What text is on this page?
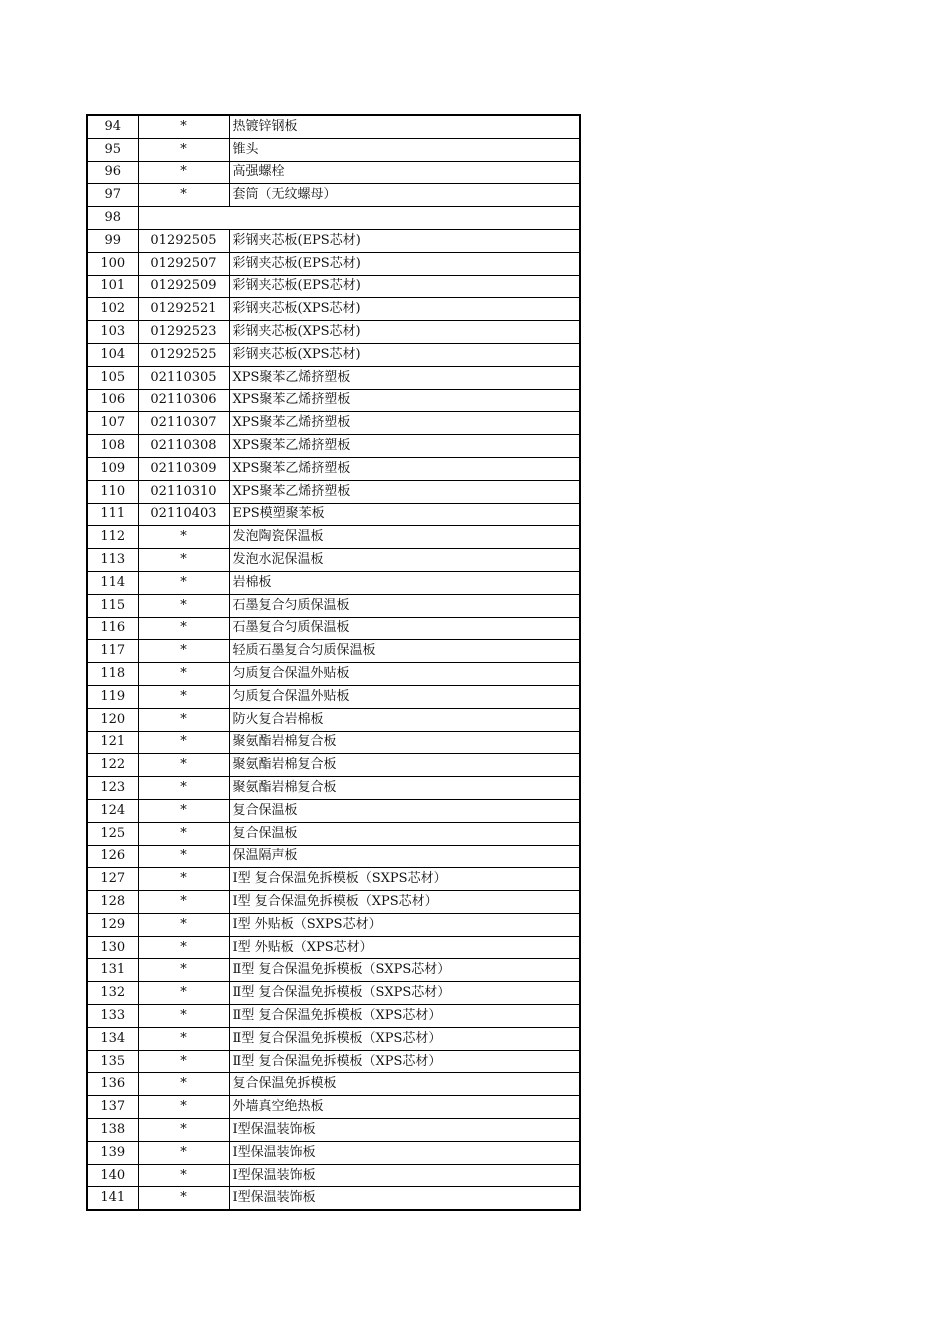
94	*	热镀锌钢板
95	*	锥头
96	*	高强螺栓
97	*	套筒（无纹螺母）
98		
99	01292505	彩钢夹芯板(EPS芯材)
100	01292507	彩钢夹芯板(EPS芯材)
101	01292509	彩钢夹芯板(EPS芯材)
102	01292521	彩钢夹芯板(XPS芯材)
103	01292523	彩钢夹芯板(XPS芯材)
104	01292525	彩钢夹芯板(XPS芯材)
105	02110305	XPS聚苯乙烯挤塑板
106	02110306	XPS聚苯乙烯挤塑板
107	02110307	XPS聚苯乙烯挤塑板
108	02110308	XPS聚苯乙烯挤塑板
109	02110309	XPS聚苯乙烯挤塑板
110	02110310	XPS聚苯乙烯挤塑板
111	02110403	EPS模塑聚苯板
112	*	发泡陶瓷保温板
113	*	发泡水泥保温板
114	*	岩棉板
115	*	石墨复合匀质保温板
116	*	石墨复合匀质保温板
117	*	轻质石墨复合匀质保温板
118	*	匀质复合保温外贴板
119	*	匀质复合保温外贴板
120	*	防火复合岩棉板
121	*	聚氨酯岩棉复合板
122	*	聚氨酯岩棉复合板
123	*	聚氨酯岩棉复合板
124	*	复合保温板
125	*	复合保温板
126	*	保温隔声板
127	*	Ⅰ型 复合保温免拆模板（SXPS芯材）
128	*	Ⅰ型 复合保温免拆模板（XPS芯材）
129	*	Ⅰ型 外贴板（SXPS芯材）
130	*	Ⅰ型 外贴板（XPS芯材）
131	*	Ⅱ型 复合保温免拆模板（SXPS芯材）
132	*	Ⅱ型 复合保温免拆模板（SXPS芯材）
133	*	Ⅱ型 复合保温免拆模板（XPS芯材）
134	*	Ⅱ型 复合保温免拆模板（XPS芯材）
135	*	Ⅱ型 复合保温免拆模板（XPS芯材）
136	*	复合保温免拆模板
137	*	外墙真空绝热板
138	*	I型保温装饰板
139	*	I型保温装饰板
140	*	I型保温装饰板
141	*	I型保温装饰板
